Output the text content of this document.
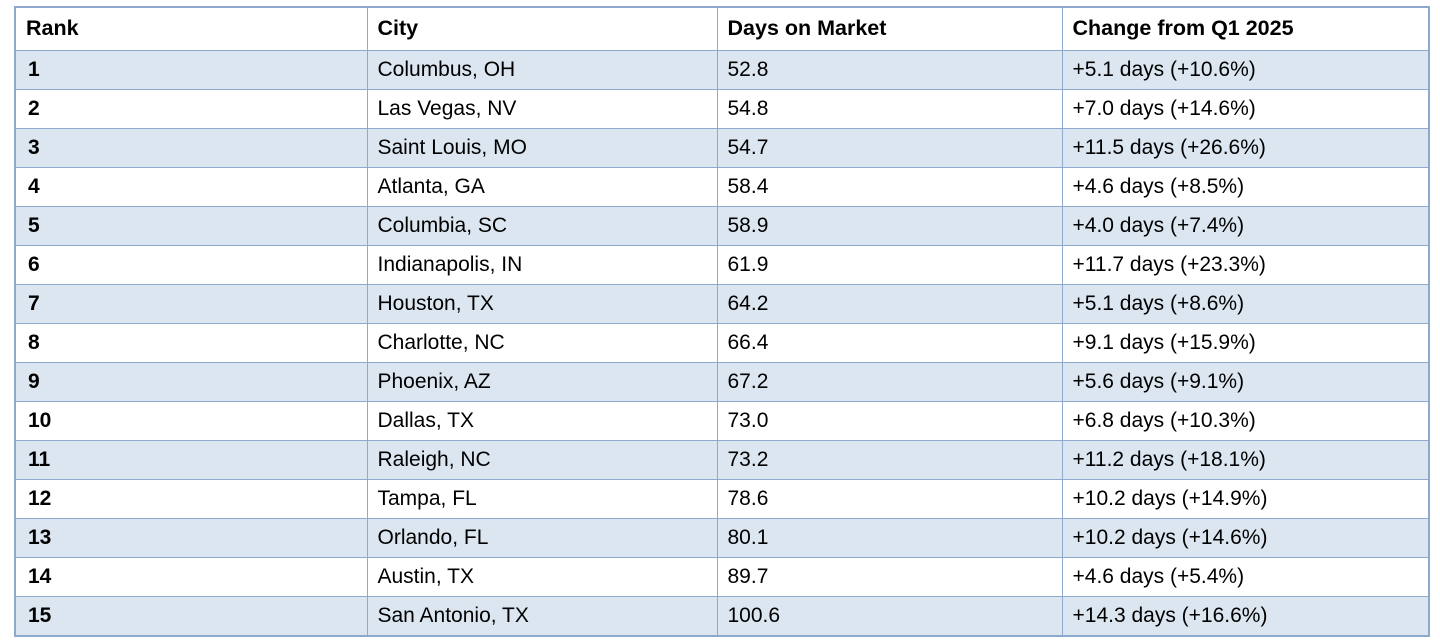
Rank	City	Days on Market	Change from Q1 2025
1	Columbus, OH	52.8	+5.1 days (+10.6%)
2	Las Vegas, NV	54.8	+7.0 days (+14.6%)
3	Saint Louis, MO	54.7	+11.5 days (+26.6%)
4	Atlanta, GA	58.4	+4.6 days (+8.5%)
5	Columbia, SC	58.9	+4.0 days (+7.4%)
6	Indianapolis, IN	61.9	+11.7 days (+23.3%)
7	Houston, TX	64.2	+5.1 days (+8.6%)
8	Charlotte, NC	66.4	+9.1 days (+15.9%)
9	Phoenix, AZ	67.2	+5.6 days (+9.1%)
10	Dallas, TX	73.0	+6.8 days (+10.3%)
11	Raleigh, NC	73.2	+11.2 days (+18.1%)
12	Tampa, FL	78.6	+10.2 days (+14.9%)
13	Orlando, FL	80.1	+10.2 days (+14.6%)
14	Austin, TX	89.7	+4.6 days (+5.4%)
15	San Antonio, TX	100.6	+14.3 days (+16.6%)
